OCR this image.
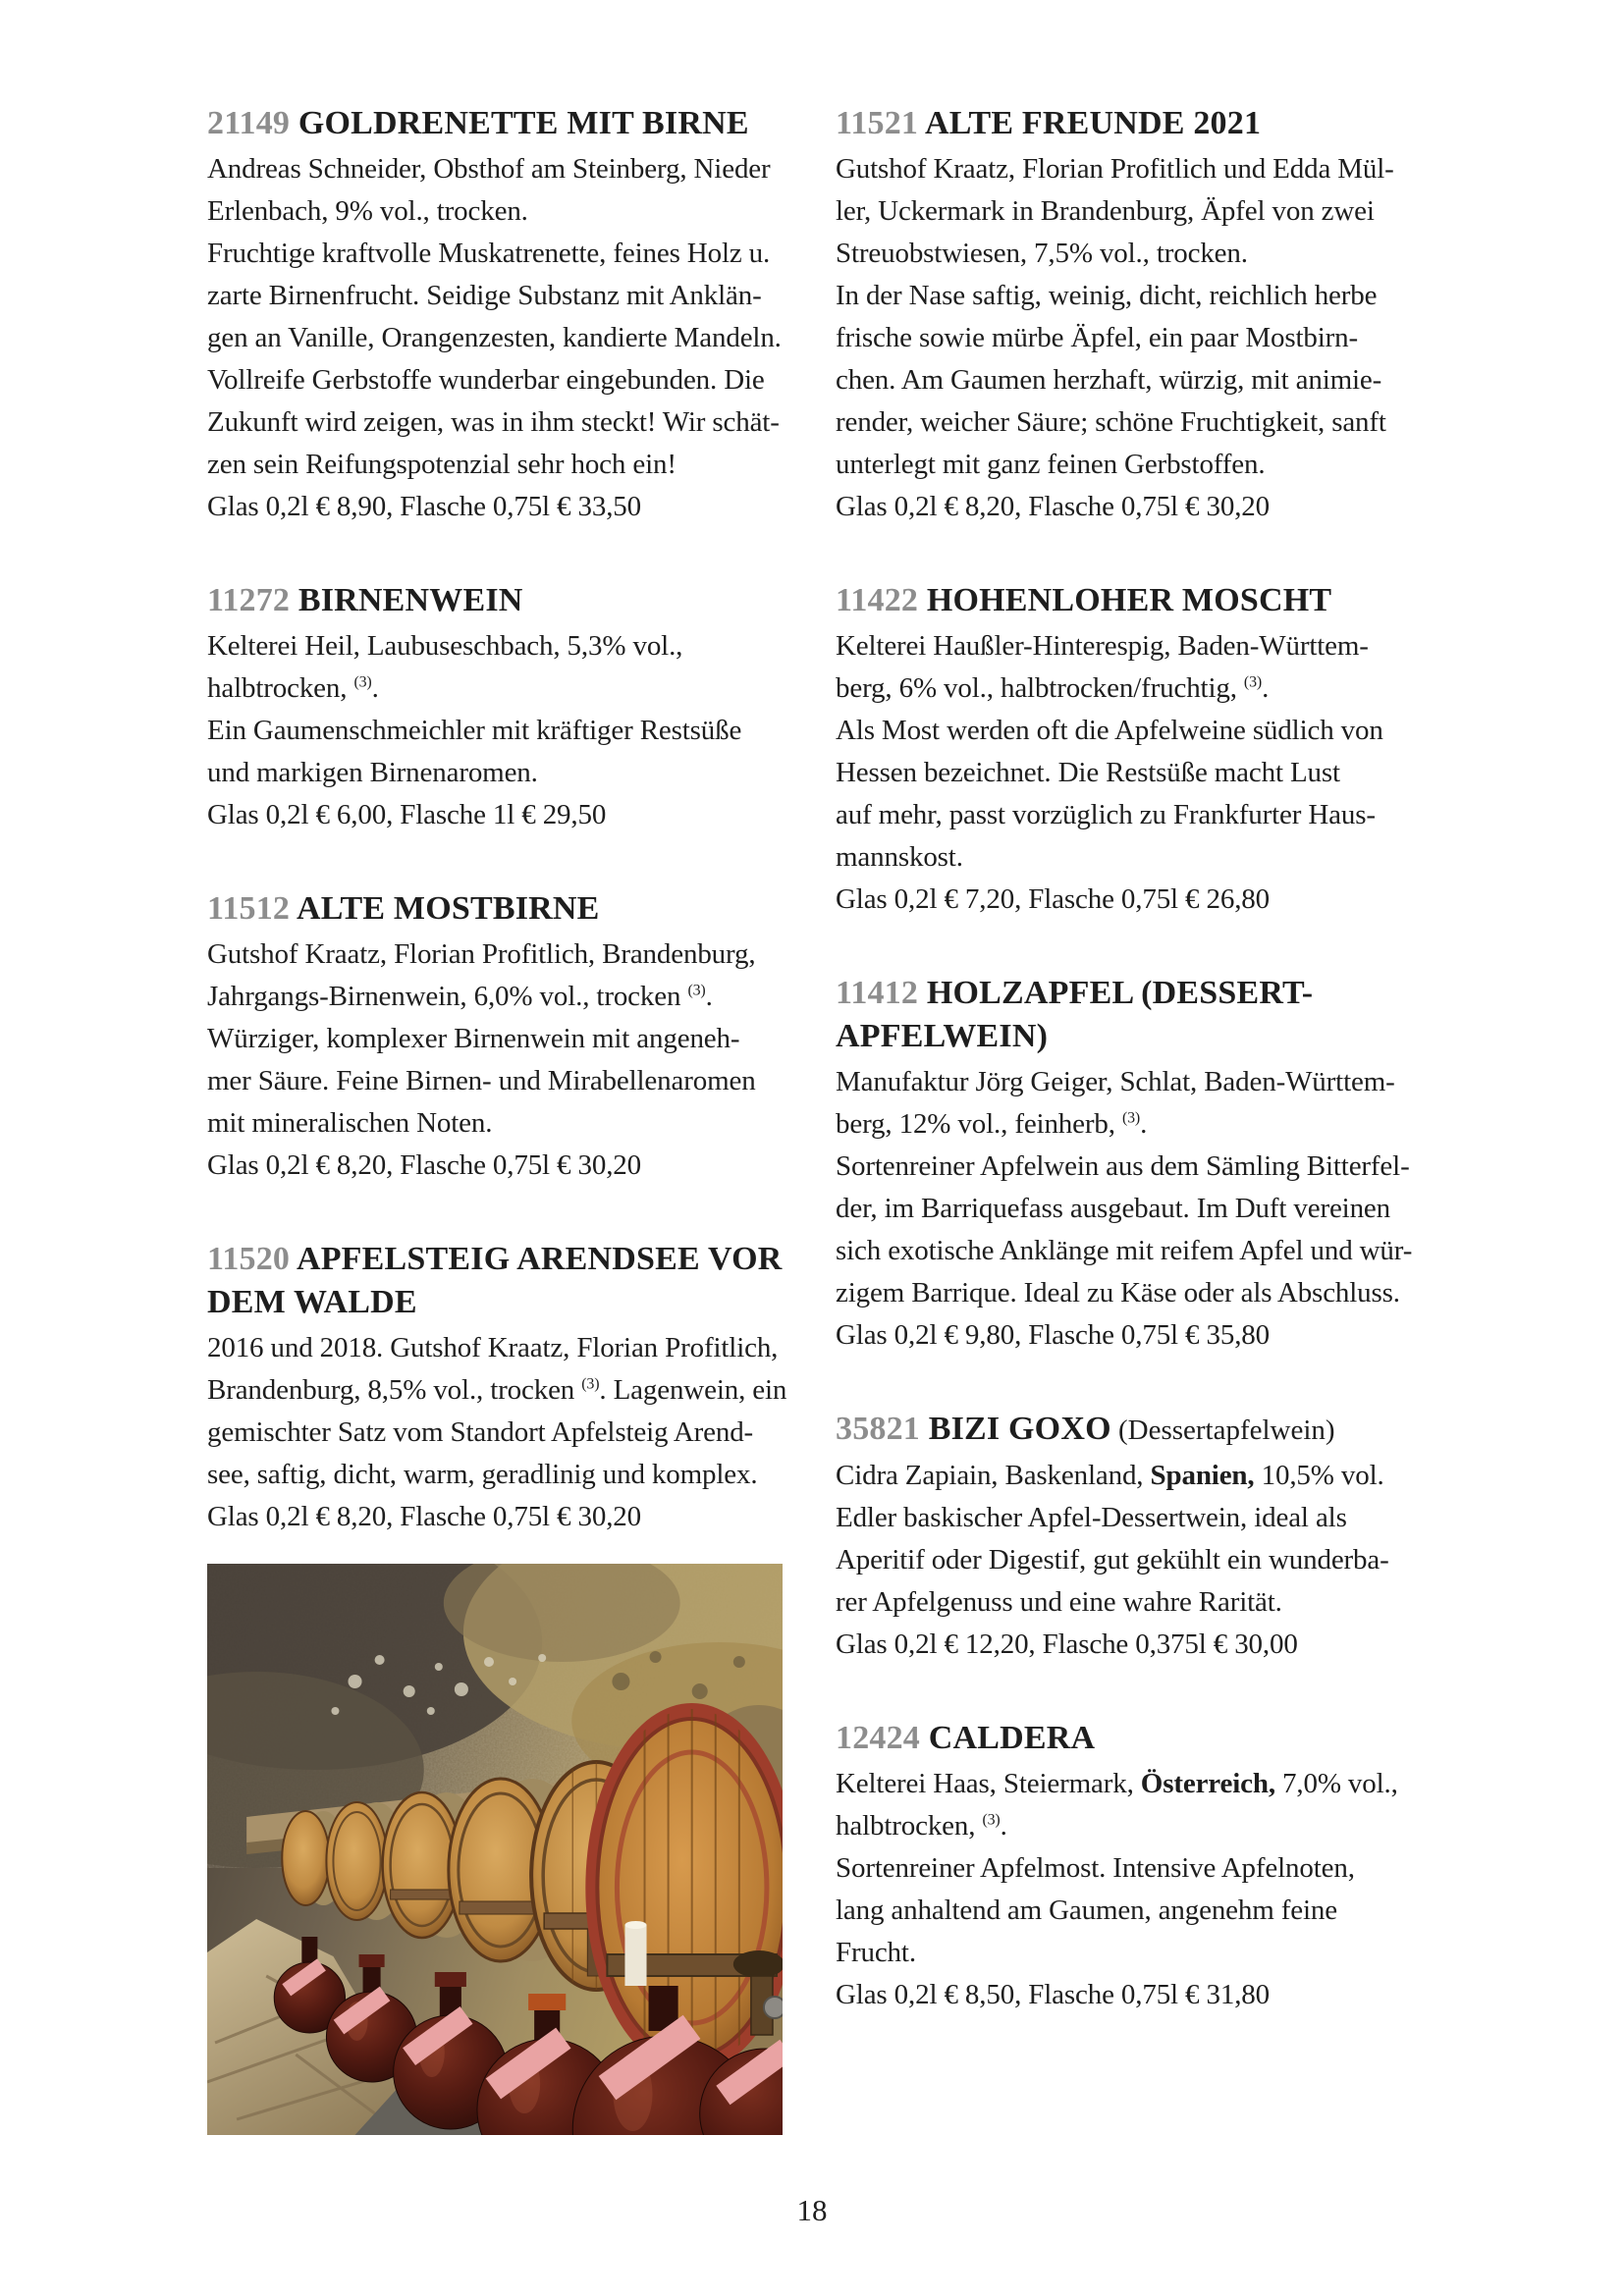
21149 GOLDRENETTE MIT BIRNE
Andreas Schneider, Obsthof am Steinberg, Nieder
Erlenbach, 9% vol., trocken.
Fruchtige kraftvolle Muskatrenette, feines Holz u.
zarte Birnenfrucht. Seidige Substanz mit Anklän-
gen an Vanille, Orangenzesten, kandierte Mandeln.
Vollreife Gerbstoffe wunderbar eingebunden. Die
Zukunft wird zeigen, was in ihm steckt! Wir schät-
zen sein Reifungspotenzial sehr hoch ein!
Glas 0,2l € 8,90, Flasche 0,75l € 33,50
11272 BIRNENWEIN
Kelterei Heil, Laubuseschbach, 5,3% vol.,
halbtrocken, $^{(3)}$.
Ein Gaumenschmeichler mit kräftiger Restsüße
und markigen Birnenaromen.
Glas 0,2l € 6,00, Flasche 1l € 29,50
11512 ALTE MOSTBIRNE
Gutshof Kraatz, Florian Profitlich, Brandenburg,
Jahrgangs-Birnenwein, 6,0% vol., trocken $^{(3)}$.
Würziger, komplexer Birnenwein mit angeneh-
mer Säure. Feine Birnen- und Mirabellenaromen
mit mineralischen Noten.
Glas 0,2l € 8,20, Flasche 0,75l € 30,20
11520 APFELSTEIG ARENDSEE VOR DEM WALDE
2016 und 2018. Gutshof Kraatz, Florian Profitlich,
Brandenburg, 8,5% vol., trocken $^{(3)}$. Lagenwein, ein
gemischter Satz vom Standort Apfelsteig Arend-
see, saftig, dicht, warm, geradlinig und komplex.
Glas 0,2l € 8,20, Flasche 0,75l € 30,20
11521 ALTE FREUNDE 2021
Gutshof Kraatz, Florian Profitlich und Edda Mül-
ler, Uckermark in Brandenburg, Äpfel von zwei
Streuobstwiesen, 7,5% vol., trocken.
In der Nase saftig, weinig, dicht, reichlich herbe
frische sowie mürbe Äpfel, ein paar Mostbirn-
chen. Am Gaumen herzhaft, würzig, mit animie-
render, weicher Säure; schöne Fruchtigkeit, sanft
unterlegt mit ganz feinen Gerbstoffen.
Glas 0,2l € 8,20, Flasche 0,75l € 30,20
11422 HOHENLOHER MOSCHT
Kelterei Haußler-Hinterespig, Baden-Württem-
berg, 6% vol., halbtrocken/fruchtig, $^{(3)}$.
Als Most werden oft die Apfelweine südlich von
Hessen bezeichnet. Die Restsüße macht Lust
auf mehr, passt vorzüglich zu Frankfurter Haus-
mannskost.
Glas 0,2l € 7,20, Flasche 0,75l € 26,80
11412 HOLZAPFEL (DESSERT-APFELWEIN)
Manufaktur Jörg Geiger, Schlat, Baden-Württem-
berg, 12% vol., feinherb, $^{(3)}$.
Sortenreiner Apfelwein aus dem Sämling Bitterfel-
der, im Barriquefass ausgebaut. Im Duft vereinen
sich exotische Anklänge mit reifem Apfel und wür-
zigem Barrique. Ideal zu Käse oder als Abschluss.
Glas 0,2l € 9,80, Flasche 0,75l € 35,80
35821 BIZI GOXO (Dessertapfelwein)
Cidra Zapiain, Baskenland, Spanien, 10,5% vol.
Edler baskischer Apfel-Dessertwein, ideal als
Aperitif oder Digestif, gut gekühlt ein wunderba-
rer Apfelgenuss und eine wahre Rarität.
Glas 0,2l € 12,20, Flasche 0,375l € 30,00
12424 CALDERA
Kelterei Haas, Steiermark, Österreich, 7,0% vol.,
halbtrocken, $^{(3)}$.
Sortenreiner Apfelmost. Intensive Apfelnoten,
lang anhaltend am Gaumen, angenehm feine
Frucht.
Glas 0,2l € 8,50, Flasche 0,75l € 31,80
18
